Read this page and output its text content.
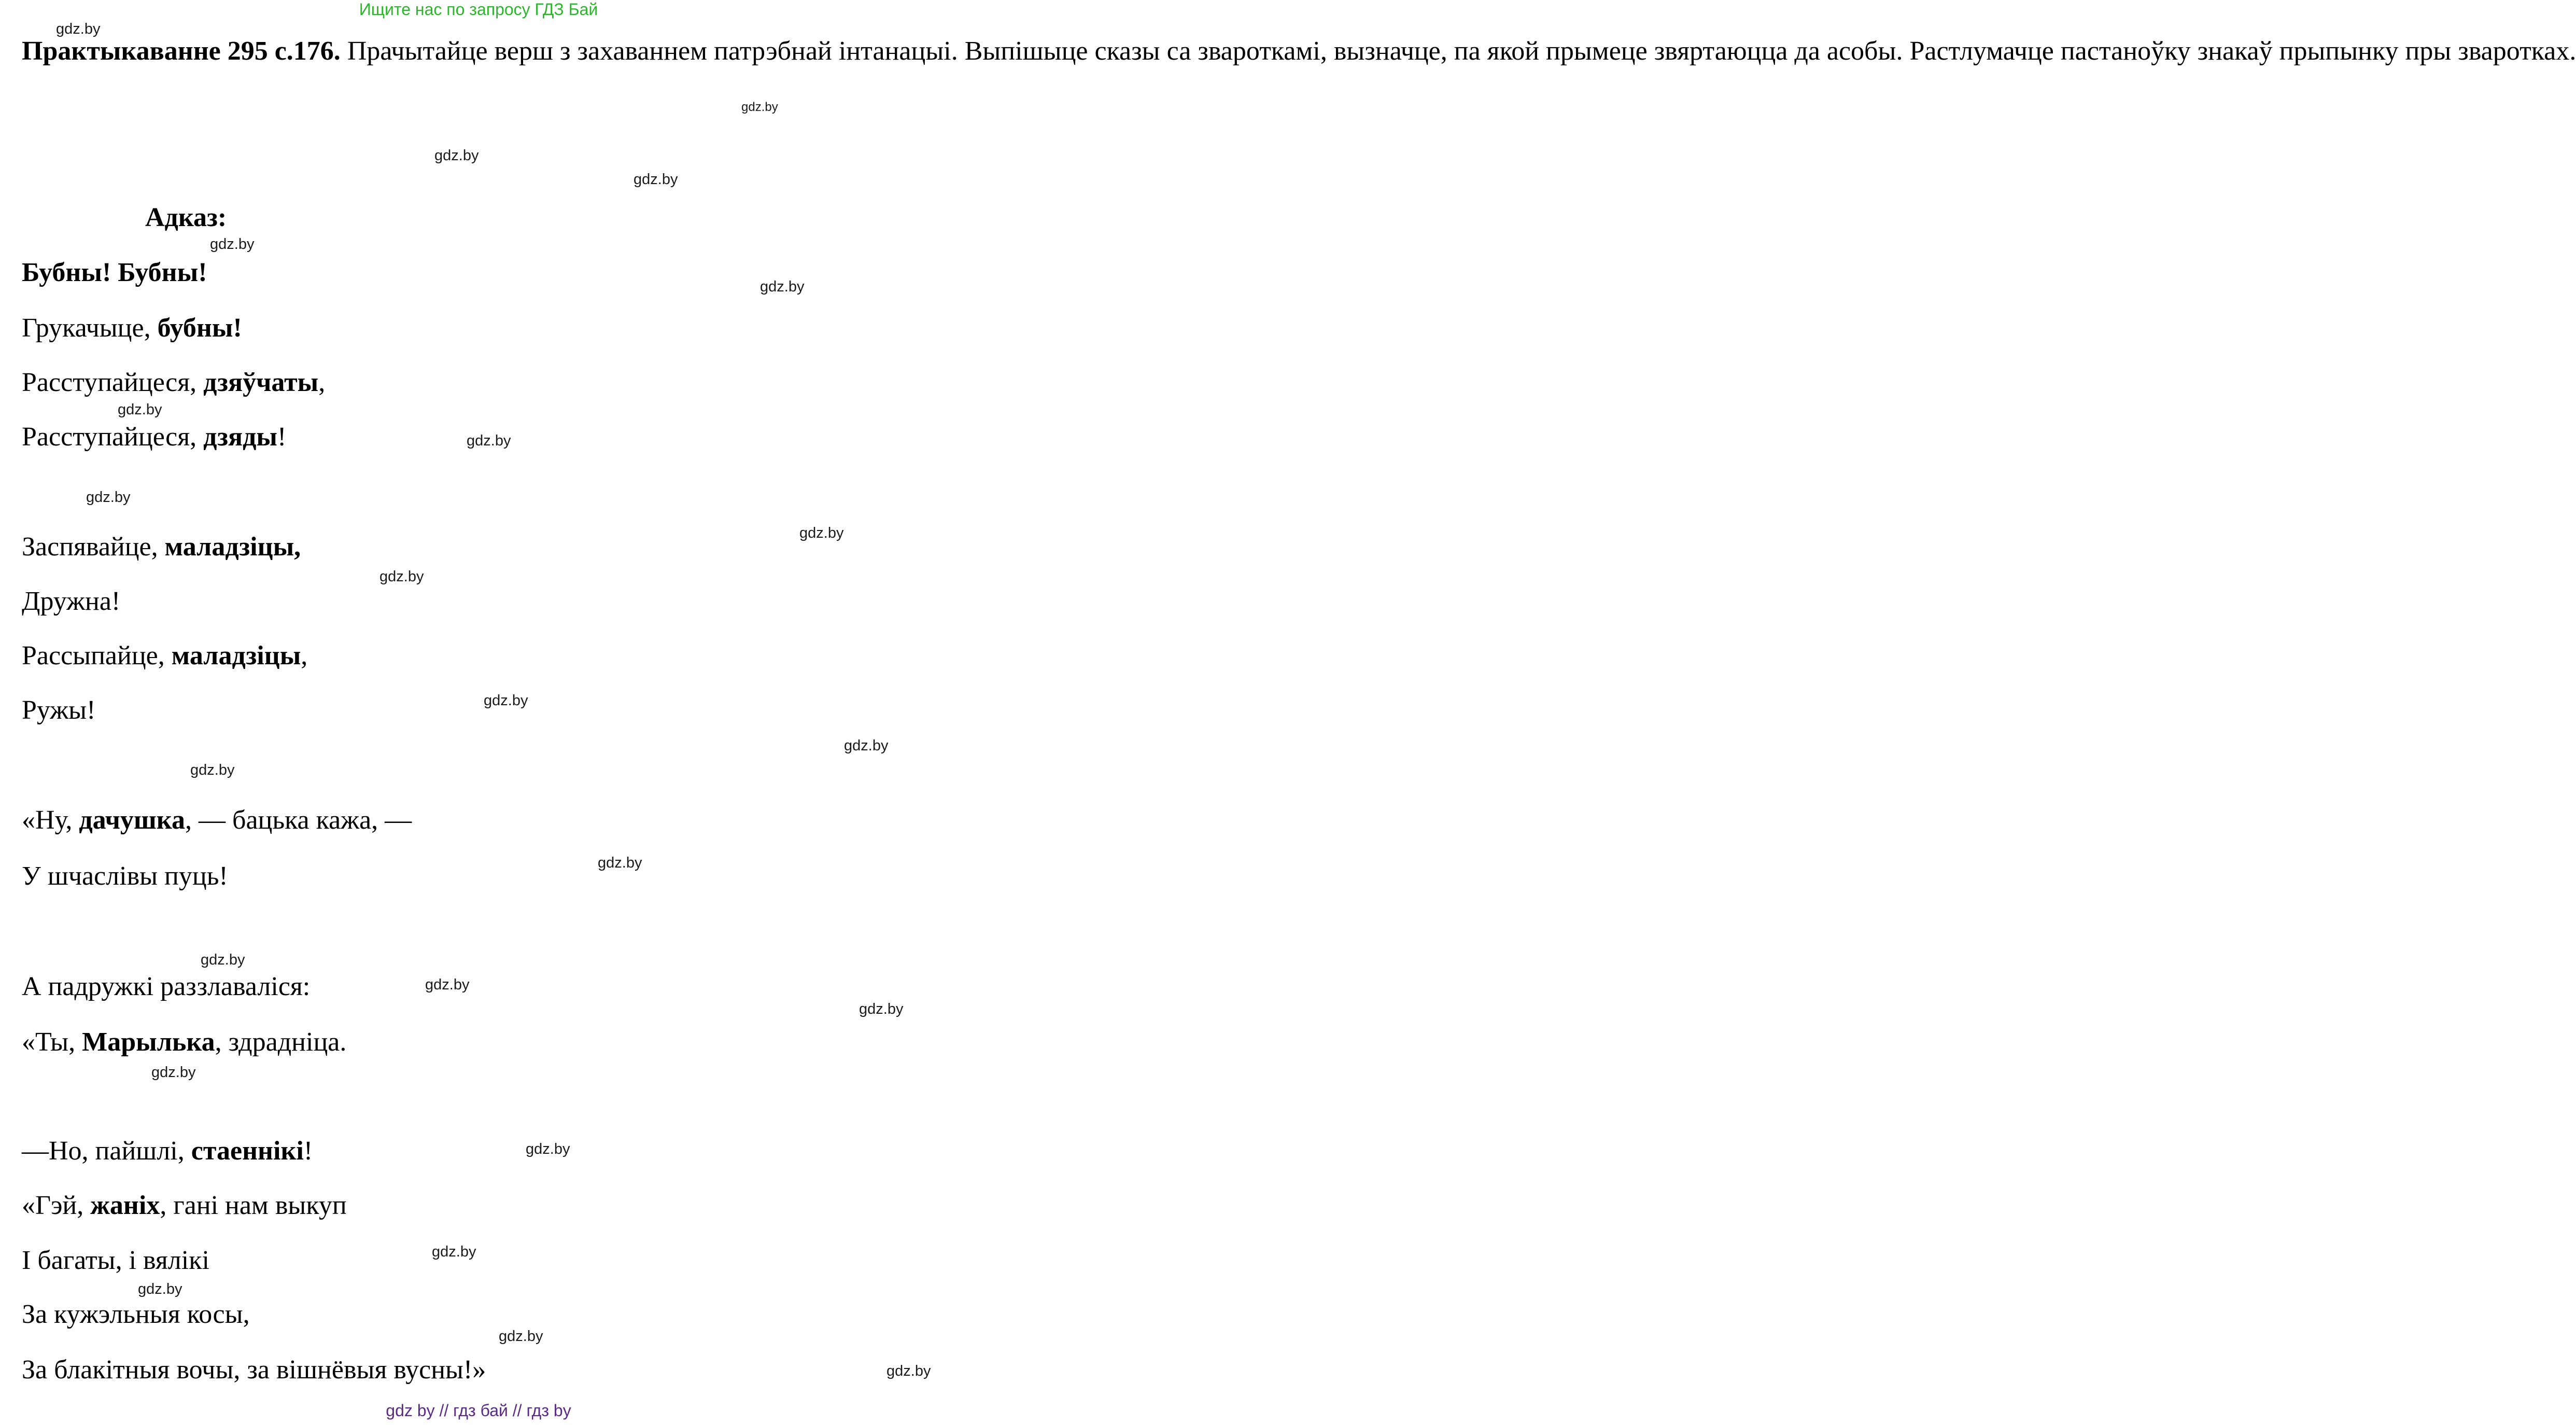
Ищите нас по запросу ГДЗ Бай
Практыкаванне 295 с.176. Прачытайце верш з захаваннем патрэбнай інтанацыі. Выпішыце сказы са звароткамі, вызначце, па якой прымеце звяртаюцца да асобы. Растлумачце пастаноўку знакаў прыпынку пры зваротках.
Адказ:
Бубны! Бубны!
Грукачыце, бубны!
Расступайцеся, дзяўчаты,
Расступайцеся, дзяды!
Заспявайце, маладзіцы,
Дружна!
Рассыпайце, маладзіцы,
Ружы!
«Ну, дачушка, — бацька кажа, —
У шчаслівы пуць!
А падружкі раззлаваліся:
«Ты, Марылька, здрадніца.
—Но, пайшлі, стаеннікі!
«Гэй, жаніх, гані нам выкуп
І багаты, і вялікі
За кужэльныя косы,
За блакітныя вочы, за вішнёвыя вусны!»
gdz.by
gdz.by
gdz.by
gdz.by
gdz.by
gdz.by
gdz.by
gdz.by
gdz.by
gdz.by
gdz.by
gdz.by
gdz.by
gdz.by
gdz.by
gdz.by
gdz.by
gdz.by
gdz.by
gdz.by
gdz.by
gdz.by
gdz.by
gdz.by
gdz by // гдз бай // гдз by
